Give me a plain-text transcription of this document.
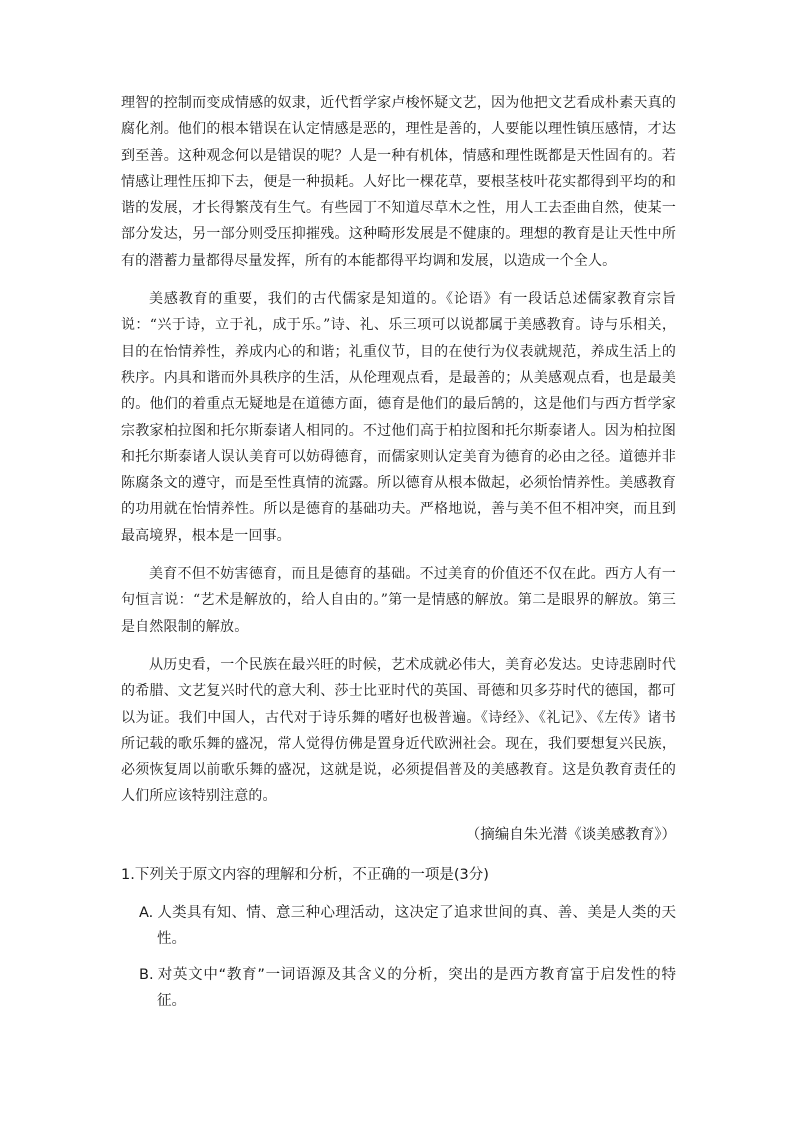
理智的控制而变成情感的奴隶，近代哲学家卢梭怀疑文艺，因为他把文艺看成朴素天真的腐化剂。他们的根本错误在认定情感是恶的，理性是善的，人要能以理性镇压感情，才达到至善。这种观念何以是错误的呢？人是一种有机体，情感和理性既都是天性固有的。若情感让理性压抑下去，便是一种损耗。人好比一棵花草，要根茎枝叶花实都得到平均的和谐的发展，才长得繁茂有生气。有些园丁不知道尽草木之性，用人工去歪曲自然，使某一部分发达，另一部分则受压抑摧残。这种畸形发展是不健康的。理想的教育是让天性中所有的潜蓄力量都得尽量发挥，所有的本能都得平均调和发展，以造成一个全人。

美感教育的重要，我们的古代儒家是知道的。《论语》有一段话总述儒家教育宗旨说：“兴于诗，立于礼，成于乐。”诗、礼、乐三项可以说都属于美感教育。诗与乐相关，目的在怡情养性，养成内心的和谐；礼重仪节，目的在使行为仪表就规范，养成生活上的秩序。内具和谐而外具秩序的生活，从伦理观点看，是最善的；从美感观点看，也是最美的。他们的着重点无疑地是在道德方面，德育是他们的最后鹄的，这是他们与西方哲学家宗教家柏拉图和托尔斯泰诸人相同的。不过他们高于柏拉图和托尔斯泰诸人。因为柏拉图和托尔斯泰诸人误认美育可以妨碍德育，而儒家则认定美育为德育的必由之径。道德并非陈腐条文的遵守，而是至性真情的流露。所以德育从根本做起，必须怡情养性。美感教育的功用就在怡情养性。所以是德育的基础功夫。严格地说，善与美不但不相冲突，而且到最高境界，根本是一回事。

美育不但不妨害德育，而且是德育的基础。不过美育的价值还不仅在此。西方人有一句恒言说：“艺术是解放的，给人自由的。”第一是情感的解放。第二是眼界的解放。第三是自然限制的解放。

从历史看，一个民族在最兴旺的时候，艺术成就必伟大，美育必发达。史诗悲剧时代的希腊、文艺复兴时代的意大利、莎士比亚时代的英国、哥德和贝多芬时代的德国，都可以为证。我们中国人，古代对于诗乐舞的嗜好也极普遍。《诗经》、《礼记》、《左传》诸书所记载的歌乐舞的盛况，常人觉得仿佛是置身近代欧洲社会。现在，我们要想复兴民族，必须恢复周以前歌乐舞的盛况，这就是说，必须提倡普及的美感教育。这是负教育责任的人们所应该特别注意的。

（摘编自朱光潜《谈美感教育》）
1.下列关于原文内容的理解和分析，不正确的一项是(3分)
A. 人类具有知、情、意三种心理活动，这决定了追求世间的真、善、美是人类的天性。
B. 对英文中“教育”一词语源及其含义的分析，突出的是西方教育富于启发性的特征。
